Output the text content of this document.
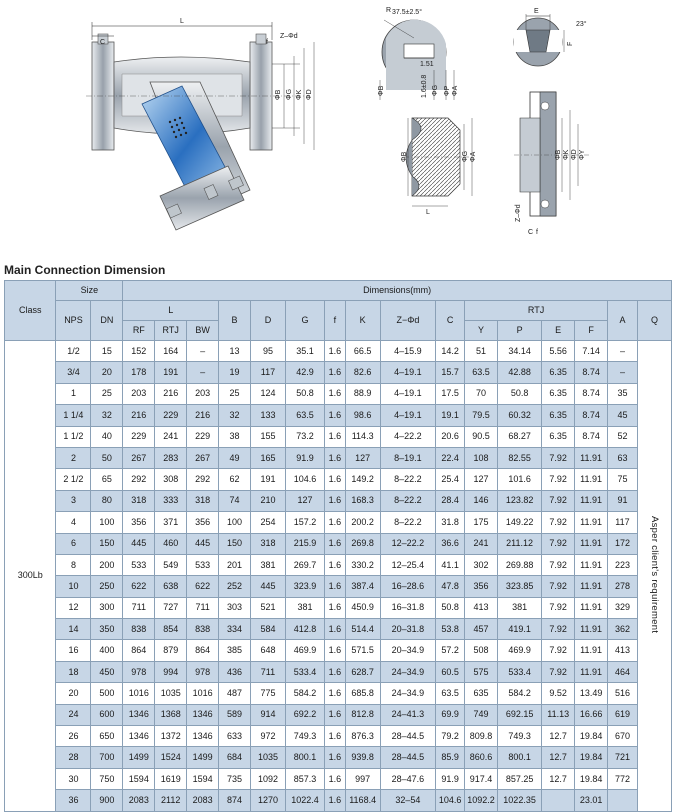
L
C	f
Z–Φd
ΦB ΦG ΦK ΦD
1.51
37.5±2.5°
R
ΦB	1.6±0.8 ΦG ΦP ΦA
E
F
23°
ΦB	ΦG ΦA
L
ΦB ΦK ΦD ΦY
Z–Φd
C f
Main Connection Dimension
Class	Size		Dimensions(mm)															
	NPS	DN	L			B	D	G	f	K	Z−Φd	C	RTJ				A	Q
			RF	RTJ	BW								Y	P	E	F		
300Lb	1/2	15	152	164	–	13	95	35.1	1.6	66.5	4–15.9	14.2	51	34.14	5.56	7.14	–	Asper client's requirement
	3/4	20	178	191	–	19	117	42.9	1.6	82.6	4–19.1	15.7	63.5	42.88	6.35	8.74	–	
	1	25	203	216	203	25	124	50.8	1.6	88.9	4–19.1	17.5	70	50.8	6.35	8.74	35	
	1 1/4	32	216	229	216	32	133	63.5	1.6	98.6	4–19.1	19.1	79.5	60.32	6.35	8.74	45	
	1 1/2	40	229	241	229	38	155	73.2	1.6	114.3	4–22.2	20.6	90.5	68.27	6.35	8.74	52	
	2	50	267	283	267	49	165	91.9	1.6	127	8–19.1	22.4	108	82.55	7.92	11.91	63	
	2 1/2	65	292	308	292	62	191	104.6	1.6	149.2	8–22.2	25.4	127	101.6	7.92	11.91	75	
	3	80	318	333	318	74	210	127	1.6	168.3	8–22.2	28.4	146	123.82	7.92	11.91	91	
	4	100	356	371	356	100	254	157.2	1.6	200.2	8–22.2	31.8	175	149.22	7.92	11.91	117	
	6	150	445	460	445	150	318	215.9	1.6	269.8	12–22.2	36.6	241	211.12	7.92	11.91	172	
	8	200	533	549	533	201	381	269.7	1.6	330.2	12–25.4	41.1	302	269.88	7.92	11.91	223	
	10	250	622	638	622	252	445	323.9	1.6	387.4	16–28.6	47.8	356	323.85	7.92	11.91	278	
	12	300	711	727	711	303	521	381	1.6	450.9	16–31.8	50.8	413	381	7.92	11.91	329	
	14	350	838	854	838	334	584	412.8	1.6	514.4	20–31.8	53.8	457	419.1	7.92	11.91	362	
	16	400	864	879	864	385	648	469.9	1.6	571.5	20–34.9	57.2	508	469.9	7.92	11.91	413	
	18	450	978	994	978	436	711	533.4	1.6	628.7	24–34.9	60.5	575	533.4	7.92	11.91	464	
	20	500	1016	1035	1016	487	775	584.2	1.6	685.8	24–34.9	63.5	635	584.2	9.52	13.49	516	
	24	600	1346	1368	1346	589	914	692.2	1.6	812.8	24–41.3	69.9	749	692.15	11.13	16.66	619	
	26	650	1346	1372	1346	633	972	749.3	1.6	876.3	28–44.5	79.2	809.8	749.3	12.7	19.84	670	
	28	700	1499	1524	1499	684	1035	800.1	1.6	939.8	28–44.5	85.9	860.6	800.1	12.7	19.84	721	
	30	750	1594	1619	1594	735	1092	857.3	1.6	997	28–47.6	91.9	917.4	857.25	12.7	19.84	772	
	36	900	2083	2112	2083	874	1270	1022.4	1.6	1168.4	32–54	104.6	1092.2	1022.35		23.01		
